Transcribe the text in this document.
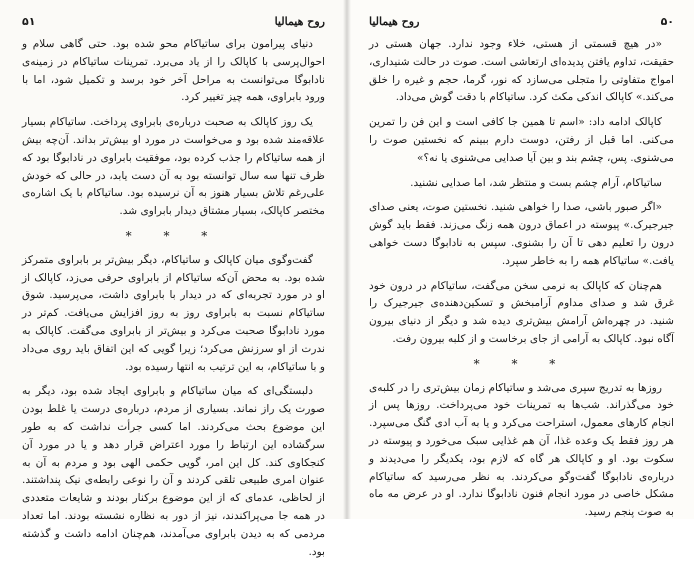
۵۱	روح هیمالیا

دنیای پیرامون برای ساتیاکام محو شده بود. حتی گاهی سلام و احوال‌پرسی با کاپالک را از یاد می‌برد. تمرینات ساتیاکام در زمینه‌ی نادابوگا می‌توانست به مراحل آخر خود برسد و تکمیل شود، اما با ورود بابراوی، همه چیز تغییر کرد.

یک روز کاپالک به صحبت درباره‌ی بابراوی پرداخت. ساتیاکام بسیار علاقه‌مند شده بود و می‌خواست در مورد او بیش‌تر بداند. آن‌چه بیش از همه ساتیاکام را جذب کرده بود، موفقیت بابراوی در نادابوگا بود که ظرف تنها سه سال توانسته بود به آن دست یابد، در حالی که خودش علی‌رغم تلاش بسیار هنوز به آن نرسیده بود. ساتیاکام با یک اشاره‌ی مختصر کاپالک، بسیار مشتاق دیدار بابراوی شد.

* * *

گفت‌وگوی میان کاپالک و ساتیاکام، دیگر بیش‌تر بر بابراوی متمرکز شده بود. به محض آن‌که ساتیاکام از بابراوی حرفی می‌زد، کاپالک از او در مورد تجربه‌ای که در دیدار با بابراوی داشت، می‌پرسید. شوق ساتیاکام نسبت به بابراوی روز به روز افزایش می‌یافت. کم‌تر در مورد نادابوگا صحبت می‌کرد و بیش‌تر از بابراوی می‌گفت. کاپالک به ندرت از او سرزنش می‌کرد؛ زیرا گویی که این اتفاق باید روی می‌داد و با ساتیاکام، به این ترتیب به انتها رسیده بود.

دلبستگی‌ای که میان ساتیاکام و بابراوی ایجاد شده بود، دیگر به صورت یک راز نماند. بسیاری از مردم، درباره‌ی درست یا غلط بودن این موضوع بحث می‌کردند. اما کسی جرأت نداشت که به طور سرگشاده این ارتباط را مورد اعتراض قرار دهد و یا در مورد آن کنجکاوی کند. کل این امر، گویی حکمی الهی بود و مردم به آن به عنوان امری طبیعی تلقی کردند و آن را نوعی رابطه‌ی نیک پنداشتند. از لحاظی، عدمای که از این موضوع برکنار بودند و شایعات متعددی در همه جا می‌پراکندند، نیز از دور به نظاره نشسته بودند. اما تعداد مردمی که به دیدن بابراوی می‌آمدند، هم‌چنان ادامه داشت و گذشته بود.

۵۰
روح هیمالیا

«در هیچ قسمتی از هستی، خلاء وجود ندارد. جهان هستی در حقیقت، تداوم یافتن پدیده‌ای ارتعاشی است. صوت در حالت شنیداری، امواج متفاوتی را متجلی می‌سازد که نور، گرما، حجم و غیره را خلق می‌کند.» کاپالک اندکی مکث کرد. ساتیاکام با دقت گوش می‌داد.

کاپالک ادامه داد: «اسم تا همین جا کافی است و این فن را تمرین می‌کنی. اما قبل از رفتن، دوست دارم ببینم که نخستین صوت را می‌شنوی. پس، چشم بند و بین آیا صدایی می‌شنوی یا نه؟»

ساتیاکام، آرام چشم بست و منتظر شد، اما صدایی نشنید.

«اگر صبور باشی، صدا را خواهی شنید. نخستین صوت، یعنی صدای جیرجیرک.» پیوسته در اعماق درون همه زنگ می‌زند. فقط باید گوش درون را تعلیم دهی تا آن را بشنوی. سپس به نادابوگا دست خواهی یافت.» ساتیاکام همه را به خاطر سپرد.

هم‌چنان که کاپالک به نرمی سخن می‌گفت، ساتیاکام در درون خود غرق شد و صدای مداوم آرامبخش و تسکین‌دهنده‌ی جیرجیرک را شنید. در چهره‌اش آرامش بیش‌تری دیده شد و دیگر از دنیای بیرون آگاه نبود. کاپالک به آرامی از جای برخاست و از کلبه بیرون رفت.

* * *

روزها به تدریج سپری می‌شد و ساتیاکام زمان بیش‌تری را در کلبه‌ی خود می‌گذراند. شب‌ها به تمرینات خود می‌پرداخت. روزها پس از انجام کارهای معمول، استراحت می‌کرد و یا به آب ادی گنگ می‌سپرد. هر روز فقط یک وعده غذا، آن هم غذایی سبک می‌خورد و پیوسته در سکوت بود. او و کاپالک هر گاه که لازم بود، یکدیگر را می‌دیدند و درباره‌ی نادابوگا گفت‌وگو می‌کردند. به نظر می‌رسید که ساتیاکام مشکل خاصی در مورد انجام فنون نادابوگا ندارد. او در عرض مه ماه به صوت پنجم رسید.
